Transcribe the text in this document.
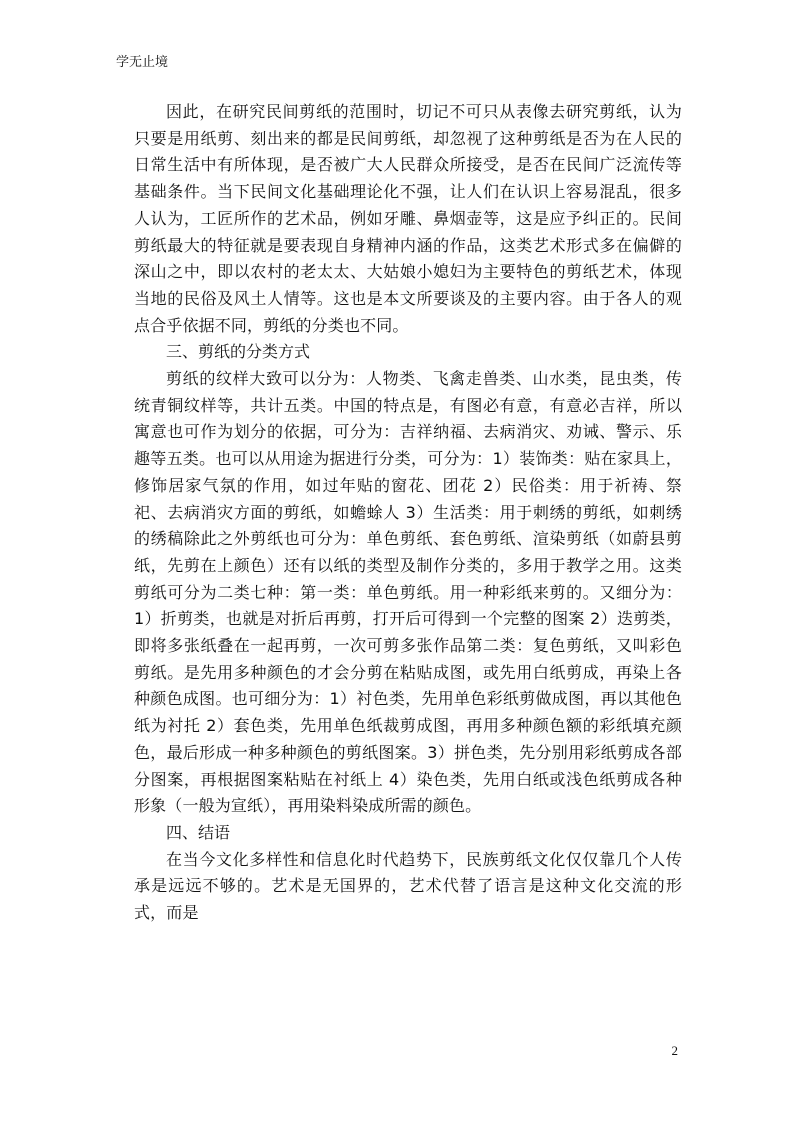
学无止境

因此，在研究民间剪纸的范围时，切记不可只从表像去研究剪纸，认为只要是用纸剪、刻出来的都是民间剪纸，却忽视了这种剪纸是否为在人民的日常生活中有所体现，是否被广大人民群众所接受，是否在民间广泛流传等基础条件。当下民间文化基础理论化不强，让人们在认识上容易混乱，很多人认为，工匠所作的艺术品，例如牙雕、鼻烟壶等，这是应予纠正的。民间剪纸最大的特征就是要表现自身精神内涵的作品，这类艺术形式多在偏僻的深山之中，即以农村的老太太、大姑娘小媳妇为主要特色的剪纸艺术，体现当地的民俗及风土人情等。这也是本文所要谈及的主要内容。由于各人的观点合乎依据不同，剪纸的分类也不同。

三、剪纸的分类方式

剪纸的纹样大致可以分为：人物类、飞禽走兽类、山水类，昆虫类，传统青铜纹样等，共计五类。中国的特点是，有图必有意，有意必吉祥，所以寓意也可作为划分的依据，可分为：吉祥纳福、去病消灾、劝诫、警示、乐趣等五类。也可以从用途为据进行分类，可分为：1）装饰类：贴在家具上，修饰居家气氛的作用，如过年贴的窗花、团花 2）民俗类：用于祈祷、祭祀、去病消灾方面的剪纸，如蟾蜍人 3）生活类：用于刺绣的剪纸，如刺绣的绣稿除此之外剪纸也可分为：单色剪纸、套色剪纸、渲染剪纸（如蔚县剪纸，先剪在上颜色）还有以纸的类型及制作分类的，多用于教学之用。这类剪纸可分为二类七种：第一类：单色剪纸。用一种彩纸来剪的。又细分为：1）折剪类，也就是对折后再剪，打开后可得到一个完整的图案 2）迭剪类，即将多张纸叠在一起再剪，一次可剪多张作品第二类：复色剪纸，又叫彩色剪纸。是先用多种颜色的才会分剪在粘贴成图，或先用白纸剪成，再染上各种颜色成图。也可细分为：1）衬色类，先用单色彩纸剪做成图，再以其他色纸为衬托 2）套色类，先用单色纸裁剪成图，再用多种颜色额的彩纸填充颜色，最后形成一种多种颜色的剪纸图案。3）拼色类，先分别用彩纸剪成各部分图案，再根据图案粘贴在衬纸上 4）染色类，先用白纸或浅色纸剪成各种形象（一般为宣纸），再用染料染成所需的颜色。

四、结语

在当今文化多样性和信息化时代趋势下，民族剪纸文化仅仅靠几个人传承是远远不够的。艺术是无国界的，艺术代替了语言是这种文化交流的形式，而是

2
